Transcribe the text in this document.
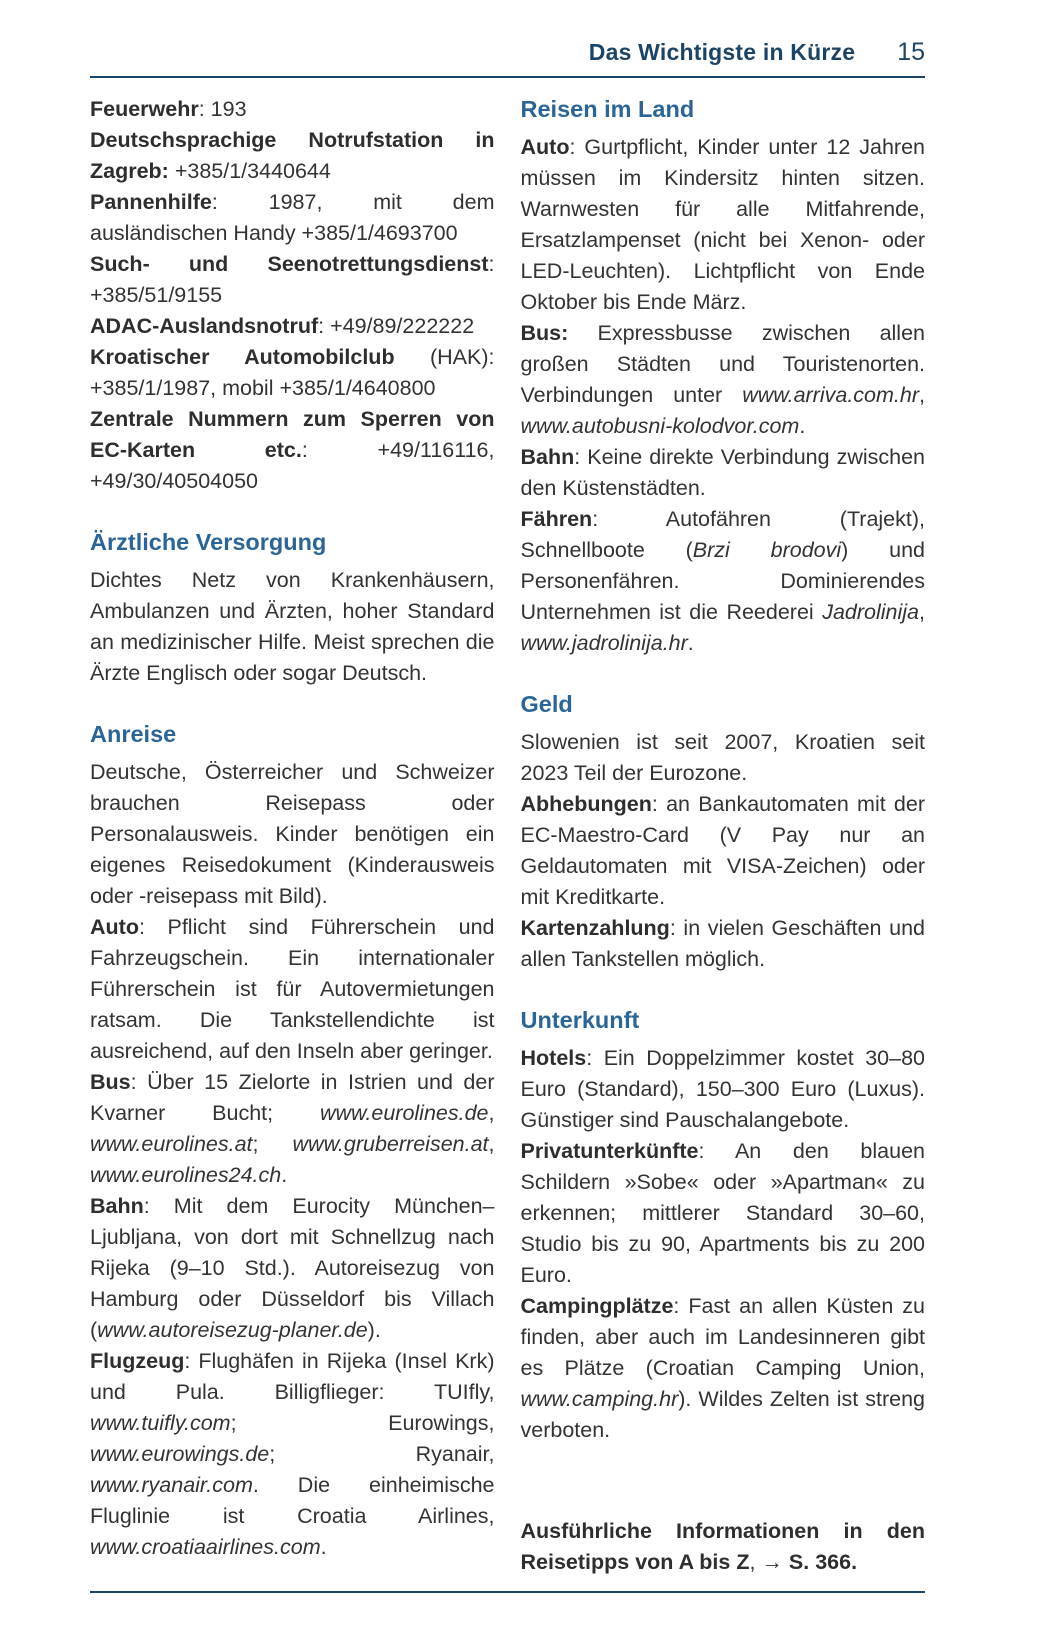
Das Wichtigste in Kürze 15

Feuerwehr: 193

Deutschsprachige Notrufstation in Zagreb: +385/1/3440644

Pannenhilfe: 1987, mit dem ausländischen Handy +385/1/4693700

Such- und Seenotrettungsdienst: +385/51/9155

ADAC-Auslandsnotruf: +49/89/222222

Kroatischer Automobilclub (HAK): +385/1/1987, mobil +385/1/4640800

Zentrale Nummern zum Sperren von EC-Karten etc.: +49/116116, +49/30/40504050

Ärztliche Versorgung

Dichtes Netz von Krankenhäusern, Ambulanzen und Ärzten, hoher Standard an medizinischer Hilfe. Meist sprechen die Ärzte Englisch oder sogar Deutsch.

Anreise

Deutsche, Österreicher und Schweizer brauchen Reisepass oder Personalausweis. Kinder benötigen ein eigenes Reisedokument (Kinderausweis oder -reisepass mit Bild).

Auto: Pflicht sind Führerschein und Fahrzeugschein. Ein internationaler Führerschein ist für Autovermietungen ratsam. Die Tankstellendichte ist ausreichend, auf den Inseln aber geringer.

Bus: Über 15 Zielorte in Istrien und der Kvarner Bucht; www.eurolines.de, www.eurolines.at; www.gruberreisen.at, www.eurolines24.ch.

Bahn: Mit dem Eurocity München–Ljubljana, von dort mit Schnellzug nach Rijeka (9–10 Std.). Autoreisezug von Hamburg oder Düsseldorf bis Villach (www.autoreisezug-planer.de).

Flugzeug: Flughäfen in Rijeka (Insel Krk) und Pula. Billigflieger: TUIfly, www.tuifly.com; Eurowings, www.eurowings.de; Ryanair, www.ryanair.com. Die einheimische Fluglinie ist Croatia Airlines, www.croatiaairlines.com.

Reisen im Land

Auto: Gurtpflicht, Kinder unter 12 Jahren müssen im Kindersitz hinten sitzen. Warnwesten für alle Mitfahrende, Ersatzlampenset (nicht bei Xenon- oder LED-Leuchten). Lichtpflicht von Ende Oktober bis Ende März.

Bus: Expressbusse zwischen allen großen Städten und Touristenorten. Verbindungen unter www.arriva.com.hr, www.autobusni-kolodvor.com.

Bahn: Keine direkte Verbindung zwischen den Küstenstädten.

Fähren: Autofähren (Trajekt), Schnellboote (Brzi brodovi) und Personenfähren. Dominierendes Unternehmen ist die Reederei Jadrolinija, www.jadrolinija.hr.

Geld

Slowenien ist seit 2007, Kroatien seit 2023 Teil der Eurozone.

Abhebungen: an Bankautomaten mit der EC-Maestro-Card (V Pay nur an Geldautomaten mit VISA-Zeichen) oder mit Kreditkarte.

Kartenzahlung: in vielen Geschäften und allen Tankstellen möglich.

Unterkunft

Hotels: Ein Doppelzimmer kostet 30–80 Euro (Standard), 150–300 Euro (Luxus). Günstiger sind Pauschalangebote.

Privatunterkünfte: An den blauen Schildern »Sobe« oder »Apartman« zu erkennen; mittlerer Standard 30–60, Studio bis zu 90, Apartments bis zu 200 Euro.

Campingplätze: Fast an allen Küsten zu finden, aber auch im Landesinneren gibt es Plätze (Croatian Camping Union, www.camping.hr). Wildes Zelten ist streng verboten.

Ausführliche Informationen in den Reisetipps von A bis Z, → S. 366.
